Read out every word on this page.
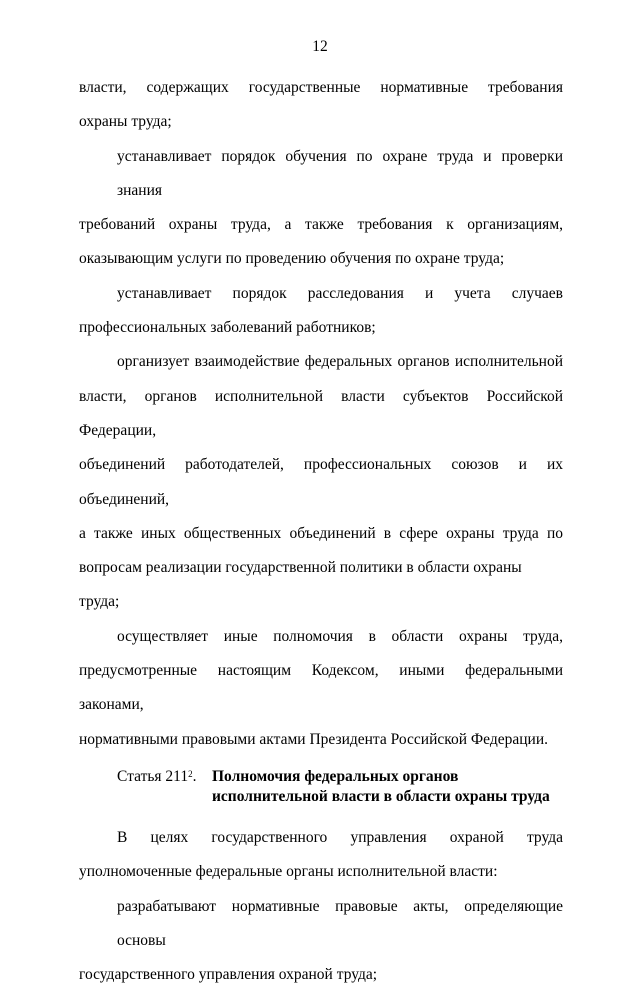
12
власти, содержащих государственные нормативные требования
охраны труда;
устанавливает порядок обучения по охране труда и проверки знания
требований охраны труда, а также требования к организациям,
оказывающим услуги по проведению обучения по охране труда;
устанавливает порядок расследования и учета случаев
профессиональных заболеваний работников;
организует взаимодействие федеральных органов исполнительной
власти, органов исполнительной власти субъектов Российской Федерации,
объединений работодателей, профессиональных союзов и их объединений,
а также иных общественных объединений в сфере охраны труда по
вопросам реализации государственной политики в области охраны труда;
осуществляет иные полномочия в области охраны труда,
предусмотренные настоящим Кодексом, иными федеральными законами,
нормативными правовыми актами Президента Российской Федерации.
Статья $211^2$. Полномочия федеральных органов
исполнительной власти в области охраны труда
В целях государственного управления охраной труда
уполномоченные федеральные органы исполнительной власти:
разрабатывают нормативные правовые акты, определяющие основы
государственного управления охраной труда;
